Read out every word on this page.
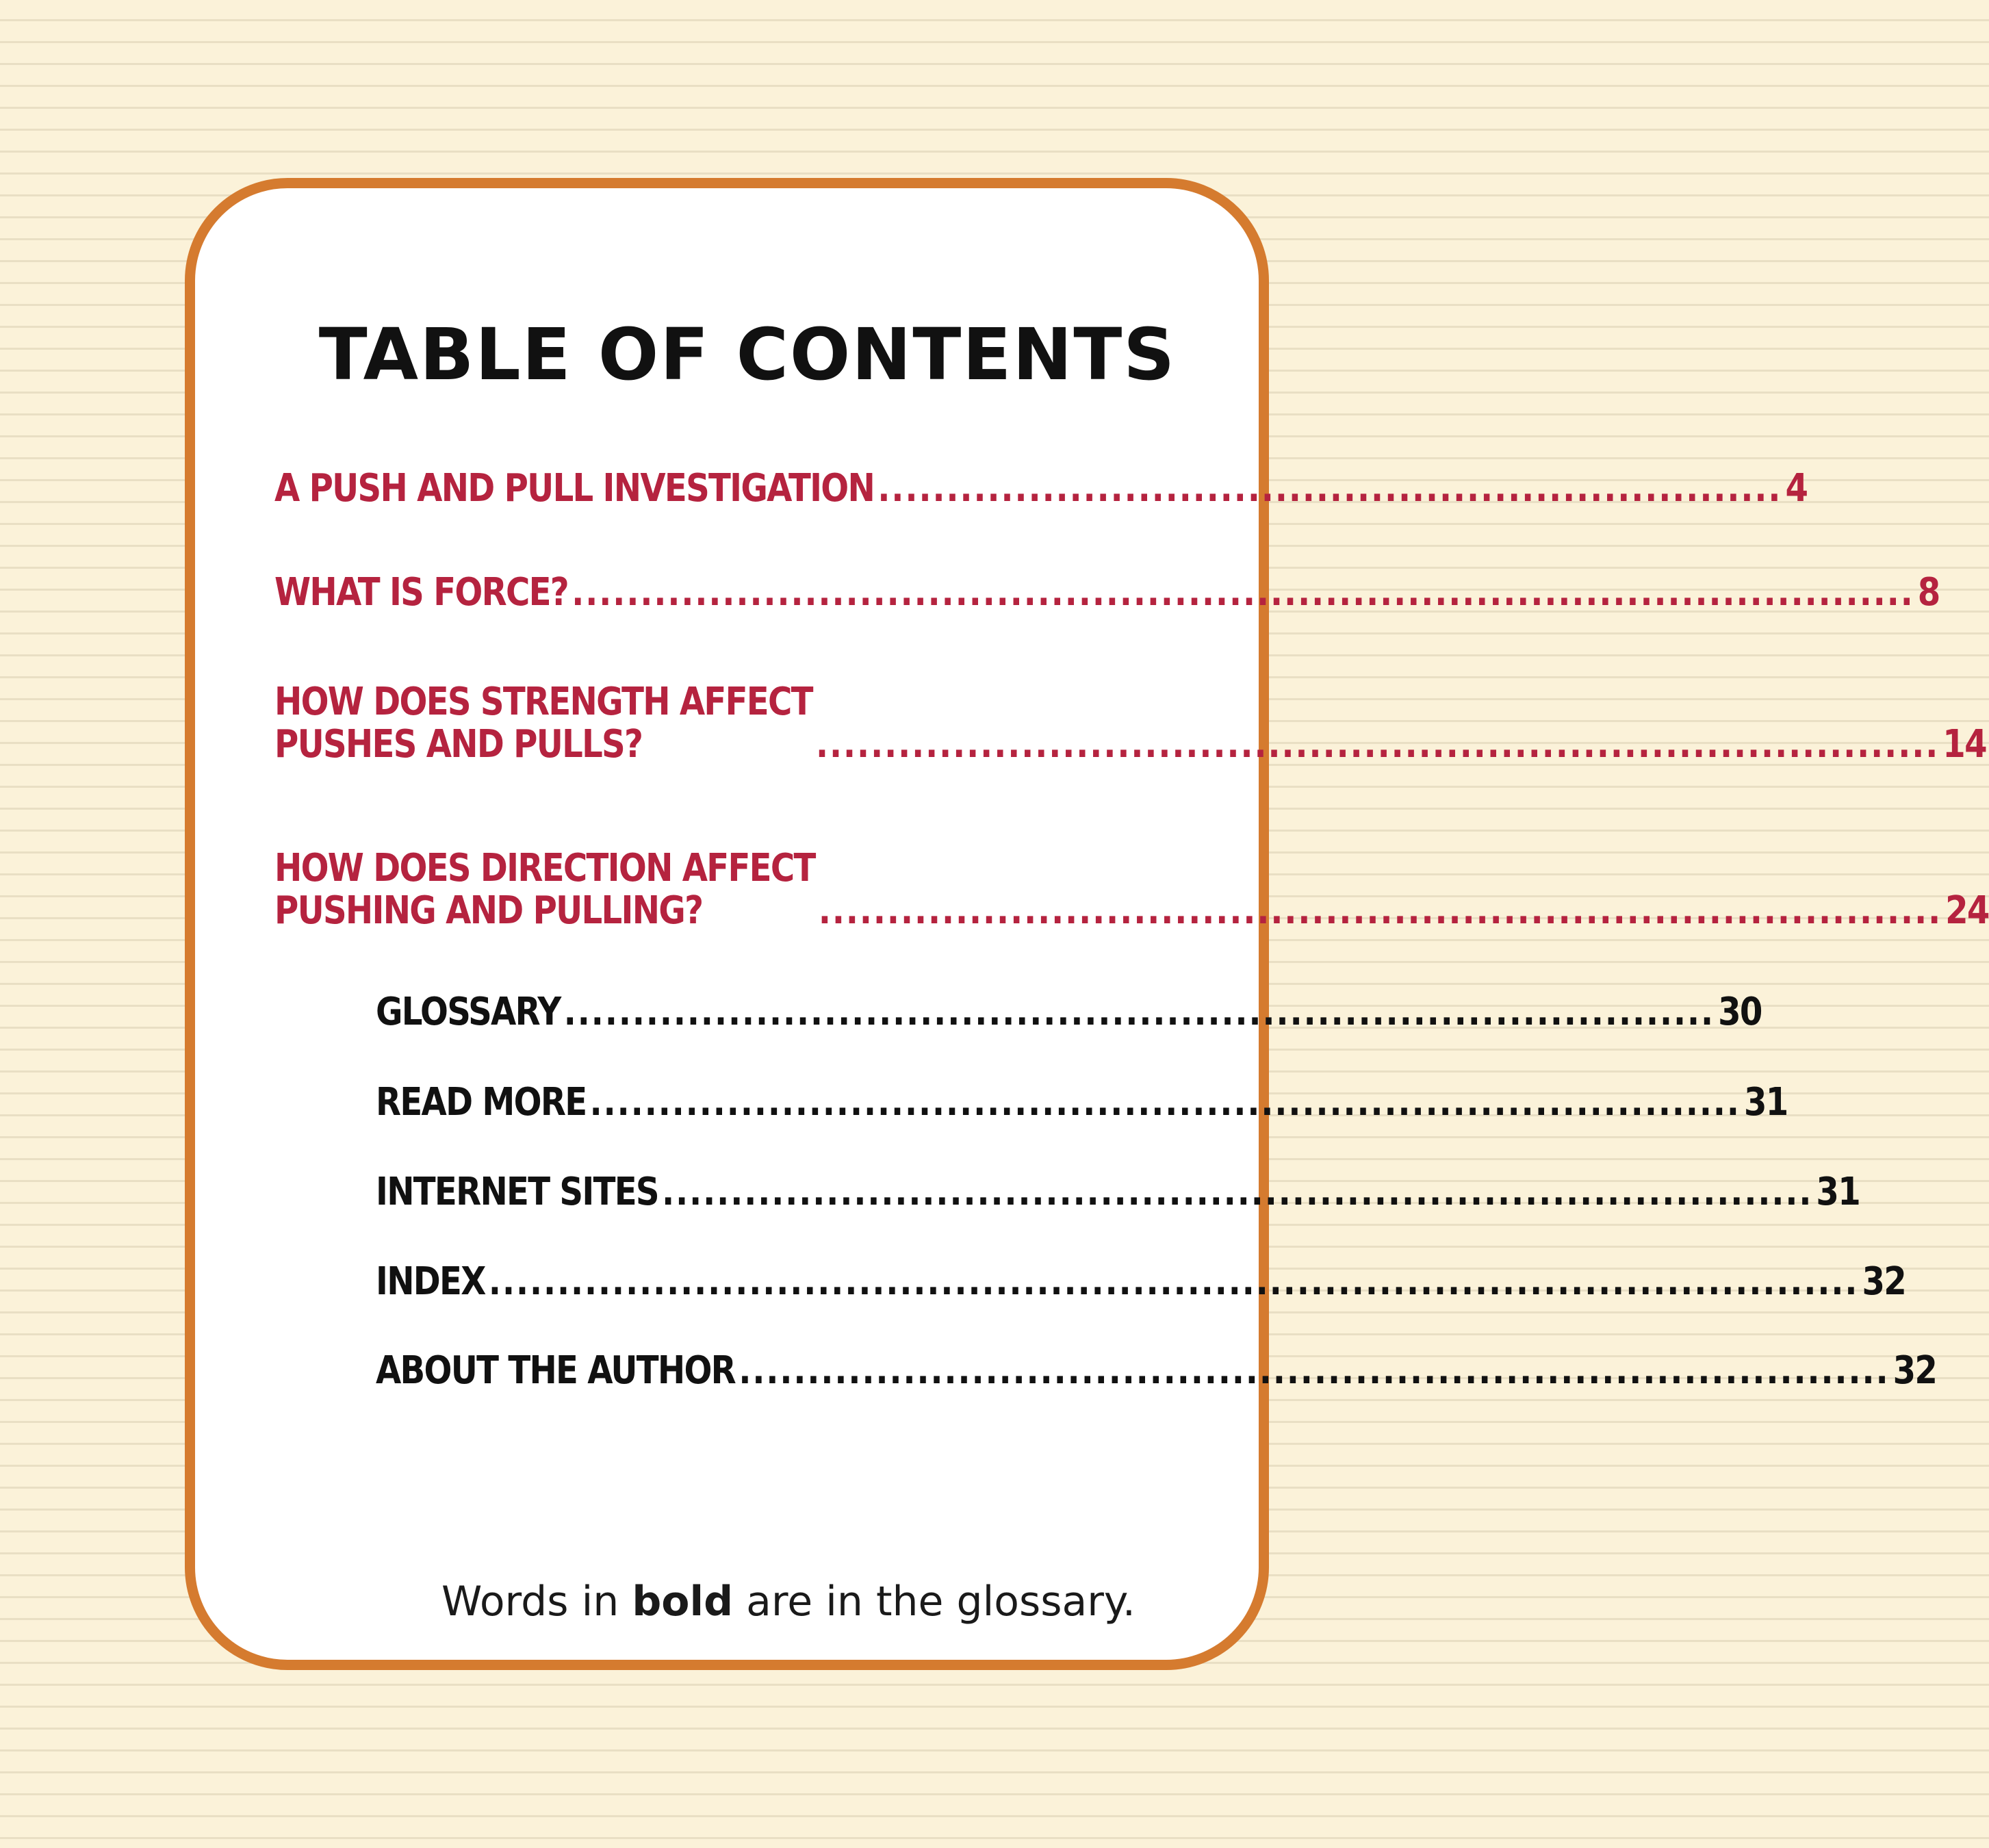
TABLE OF CONTENTS
A PUSH AND PULL INVESTIGATION .................................................................. 4
WHAT IS FORCE? .................................................................................................. 8
HOW DOES STRENGTH AFFECT
PUSHES AND PULLS?	.................................................................................. 14
HOW DOES DIRECTION AFFECT
PUSHING AND PULLING?	.................................................................................. 24
GLOSSARY .................................................................................... 30
READ MORE .................................................................................... 31
INTERNET SITES .................................................................................... 31
INDEX .................................................................................................... 32
ABOUT THE AUTHOR .................................................................................... 32

Words in bold are in the glossary.
